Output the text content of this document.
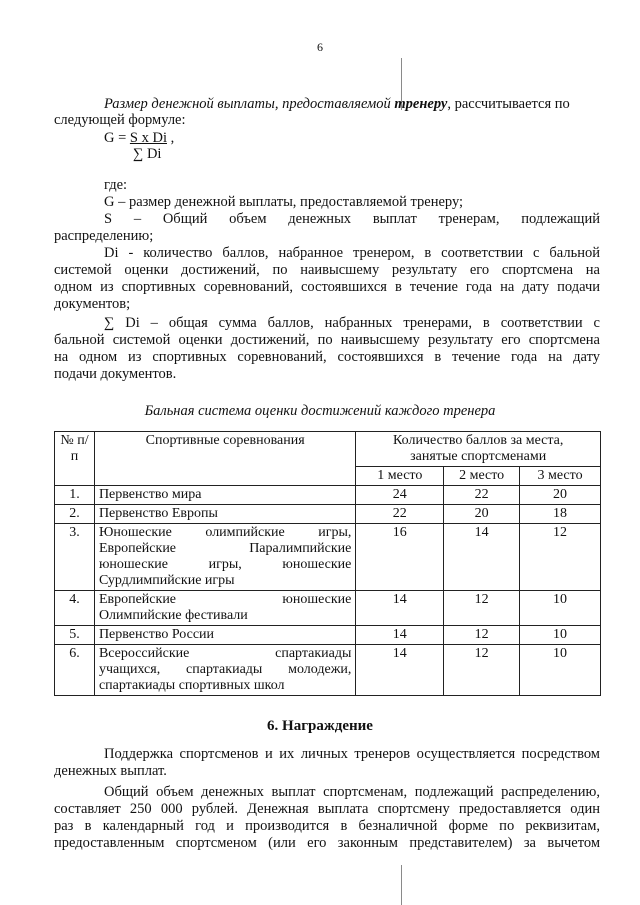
6
Размер денежной выплаты, предоставляемой тренеру, рассчитывается по
следующей формуле:
G = S x Di ,
∑ Di
где:
G – размер денежной выплаты, предоставляемой тренеру;
S – Общий объем денежных выплат тренерам, подлежащий
распределению;
Di - количество баллов, набранное тренером, в соответствии с бальной
системой оценки достижений, по наивысшему результату его спортсмена на
одном из спортивных соревнований, состоявшихся в течение года на дату подачи
документов;
∑ Di – общая сумма баллов, набранных тренерами, в соответствии с
бальной системой оценки достижений, по наивысшему результату его спортсмена
на одном из спортивных соревнований, состоявшихся в течение года на дату
подачи документов.
Бальная система оценки достижений каждого тренера
№ п/п	Спортивные соревнования	Количество баллов за места,
занятые спортсменами		
		1 место	2 место	3 место
1.	Первенство мира	24	22	20
2.	Первенство Европы	22	20	18
3.	Юношеские олимпийские игры,
Европейские Паралимпийские
юношеские игры, юношеские
Сурдлимпийские игры	16	14	12
4.	Европейские юношеские
Олимпийские фестивали	14	12	10
5.	Первенство России	14	12	10
6.	Всероссийские спартакиады
учащихся, спартакиады молодежи,
спартакиады спортивных школ	14	12	10
6. Награждение
Поддержка спортсменов и их личных тренеров осуществляется посредством
денежных выплат.
Общий объем денежных выплат спортсменам, подлежащий распределению,
составляет 250 000 рублей. Денежная выплата спортсмену предоставляется один
раз в календарный год и производится в безналичной форме по реквизитам,
предоставленным спортсменом (или его законным представителем) за вычетом
